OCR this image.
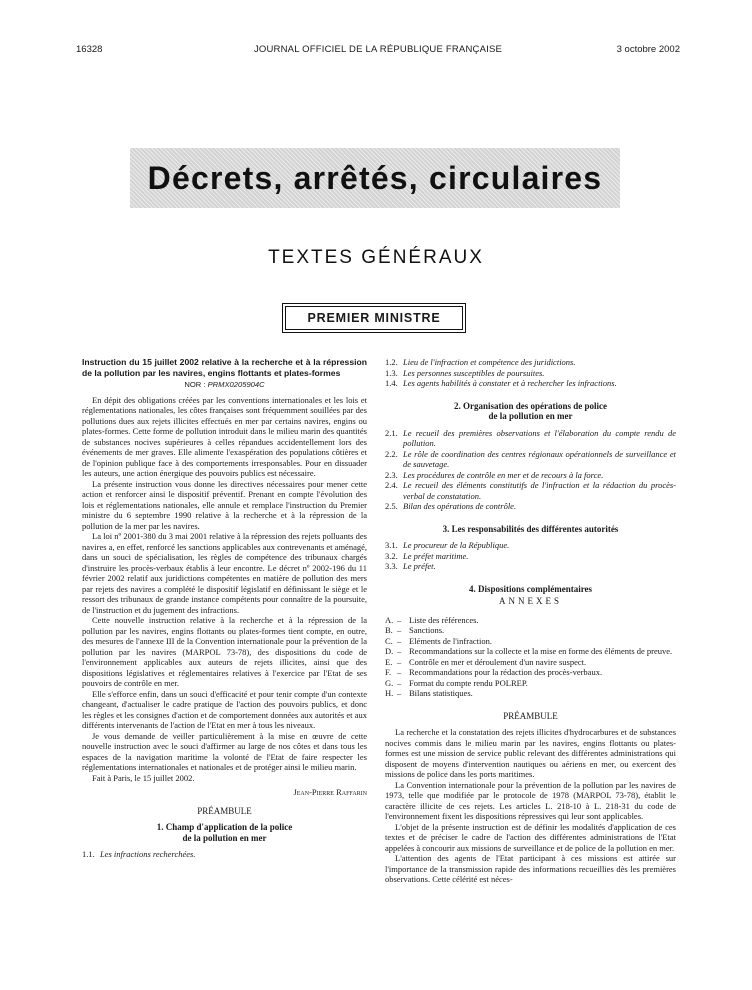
16328	JOURNAL OFFICIEL DE LA RÉPUBLIQUE FRANÇAISE	3 octobre 2002
Décrets, arrêtés, circulaires
TEXTES GÉNÉRAUX
PREMIER MINISTRE

Instruction du 15 juillet 2002 relative à la recherche et à la répression de la pollution par les navires, engins flottants et plates-formes

NOR : PRMX0205904C

En dépit des obligations créées par les conventions internationales et les lois et réglementations nationales, les côtes françaises sont fréquemment souillées par des pollutions dues aux rejets illicites effectués en mer par certains navires, engins ou plates-formes. Cette forme de pollution introduit dans le milieu marin des quantités de substances nocives supérieures à celles répandues accidentellement lors des événements de mer graves. Elle alimente l'exaspération des populations côtières et de l'opinion publique face à des comportements irresponsables. Pour en dissuader les auteurs, une action énergique des pouvoirs publics est nécessaire.

La présente instruction vous donne les directives nécessaires pour mener cette action et renforcer ainsi le dispositif préventif. Prenant en compte l'évolution des lois et réglementations nationales, elle annule et remplace l'instruction du Premier ministre du 6 septembre 1990 relative à la recherche et à la répression de la pollution de la mer par les navires.

La loi nº 2001-380 du 3 mai 2001 relative à la répression des rejets polluants des navires a, en effet, renforcé les sanctions applicables aux contrevenants et aménagé, dans un souci de spécialisation, les règles de compétence des tribunaux chargés d'instruire les procès-verbaux établis à leur encontre. Le décret nº 2002-196 du 11 février 2002 relatif aux juridictions compétentes en matière de pollution des mers par rejets des navires a complété le dispositif législatif en définissant le siège et le ressort des tribunaux de grande instance compétents pour connaître de la poursuite, de l'instruction et du jugement des infractions.

Cette nouvelle instruction relative à la recherche et à la répression de la pollution par les navires, engins flottants ou plates-formes tient compte, en outre, des mesures de l'annexe III de la Convention internationale pour la prévention de la pollution par les navires (MARPOL 73-78), des dispositions du code de l'environnement applicables aux auteurs de rejets illicites, ainsi que des dispositions législatives et réglementaires relatives à l'exercice par l'Etat de ses pouvoirs de contrôle en mer.

Elle s'efforce enfin, dans un souci d'efficacité et pour tenir compte d'un contexte changeant, d'actualiser le cadre pratique de l'action des pouvoirs publics, et donc les règles et les consignes d'action et de comportement données aux autorités et aux différents intervenants de l'action de l'Etat en mer à tous les niveaux.

Je vous demande de veiller particulièrement à la mise en œuvre de cette nouvelle instruction avec le souci d'affirmer au large de nos côtes et dans tous les espaces de la navigation maritime la volonté de l'Etat de faire respecter les réglementations internationales et nationales et de protéger ainsi le milieu marin.

Fait à Paris, le 15 juillet 2002.

Jean-Pierre Raffarin
PRÉAMBULE
1. Champ d'application de la police
de la pollution en mer
1.1. Les infractions recherchées.
1.2. Lieu de l'infraction et compétence des juridictions.
1.3. Les personnes susceptibles de poursuites.
1.4. Les agents habilités à constater et à rechercher les infractions.
2. Organisation des opérations de police
de la pollution en mer
2.1. Le recueil des premières observations et l'élaboration du compte rendu de pollution.
2.2. Le rôle de coordination des centres régionaux opérationnels de surveillance et de sauvetage.
2.3. Les procédures de contrôle en mer et de recours à la force.
2.4. Le recueil des éléments constitutifs de l'infraction et la rédaction du procès-verbal de constatation.
2.5. Bilan des opérations de contrôle.
3. Les responsabilités des différentes autorités
3.1. Le procureur de la République.
3.2. Le préfet maritime.
3.3. Le préfet.
4. Dispositions complémentaires
ANNEXES
A. – Liste des références.
B. – Sanctions.
C. – Eléments de l'infraction.
D. – Recommandations sur la collecte et la mise en forme des éléments de preuve.
E. – Contrôle en mer et déroulement d'un navire suspect.
F. – Recommandations pour la rédaction des procès-verbaux.
G. – Format du compte rendu POLREP.
H. – Bilans statistiques.
PRÉAMBULE

La recherche et la constatation des rejets illicites d'hydrocarbures et de substances nocives commis dans le milieu marin par les navires, engins flottants ou plates-formes est une mission de service public relevant des différentes administrations qui disposent de moyens d'intervention nautiques ou aériens en mer, ou exercent des missions de police dans les ports maritimes.

La Convention internationale pour la prévention de la pollution par les navires de 1973, telle que modifiée par le protocole de 1978 (MARPOL 73-78), établit le caractère illicite de ces rejets. Les articles L. 218-10 à L. 218-31 du code de l'environnement fixent les dispositions répressives qui leur sont applicables.

L'objet de la présente instruction est de définir les modalités d'application de ces textes et de préciser le cadre de l'action des différentes administrations de l'Etat appelées à concourir aux missions de surveillance et de police de la pollution en mer.

L'attention des agents de l'Etat participant à ces missions est attirée sur l'importance de la transmission rapide des informations recueillies dès les premières observations. Cette célérité est néces-
